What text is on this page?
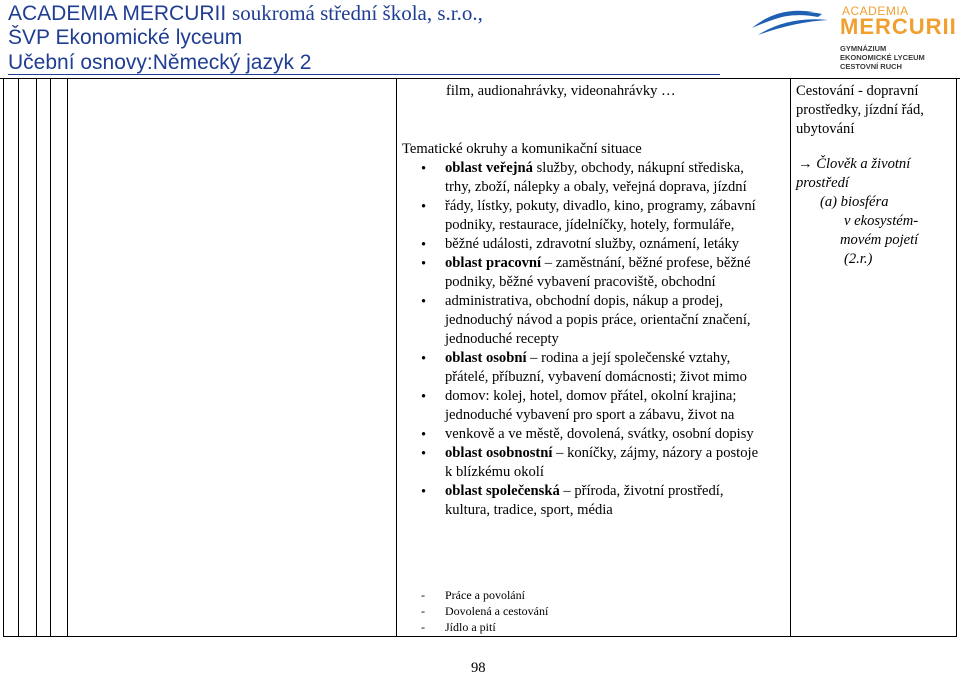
ACADEMIA MERCURII soukromá střední škola, s.r.o.,
ŠVP Ekonomické lyceum
Učební osnovy:Německý jazyk 2
ACADEMIA
MERCURII
GYMNÁZIUM
EKONOMICKÉ LYCEUM
CESTOVNÍ RUCH
film, audionahrávky, videonahrávky …
Tematické okruhy a komunikační situace
• oblast veřejná služby, obchody, nákupní střediska, trhy, zboží, nálepky a obaly, veřejná doprava, jízdní
• řády, lístky, pokuty, divadlo, kino, programy, zábavní podniky, restaurace, jídelníčky, hotely, formuláře,
• běžné události, zdravotní služby, oznámení, letáky
• oblast pracovní – zaměstnání, běžné profese, běžné podniky, běžné vybavení pracoviště, obchodní
• administrativa, obchodní dopis, nákup a prodej, jednoduchý návod a popis práce, orientační značení, jednoduché recepty
• oblast osobní – rodina a její společenské vztahy, přátelé, příbuzní, vybavení domácnosti; život mimo
• domov: kolej, hotel, domov přátel, okolní krajina; jednoduché vybavení pro sport a zábavu, život na
• venkově a ve městě, dovolená, svátky, osobní dopisy
• oblast osobnostní – koníčky, zájmy, názory a postoje k blízkému okolí
• oblast společenská – příroda, životní prostředí, kultura, tradice, sport, média
- Práce a povolání
- Dovolená a cestování
- Jídlo a pití
Cestování - dopravní
prostředky, jízdní řád,
ubytování
→ Člověk a životní
prostředí
(a) biosféra
v ekosystém-
movém pojetí
(2.r.)
98
